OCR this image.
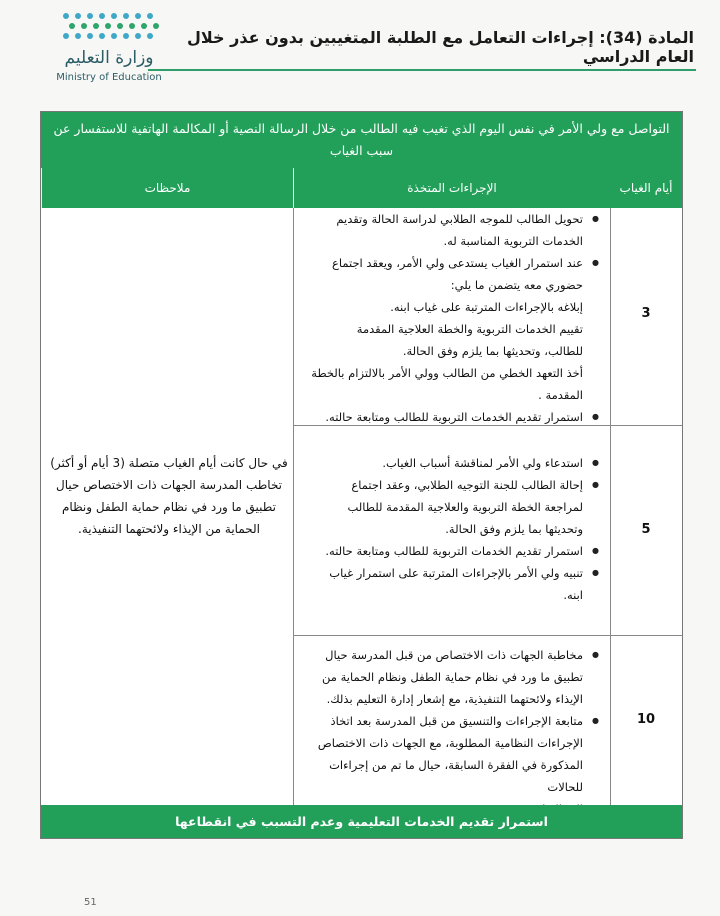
وزارة التعليم
Ministry of Education
المادة (34): إجراءات التعامل مع الطلبة المتغيبين بدون عذر خلال العام الدراسي
التواصل مع ولي الأمر في نفس اليوم الذي تغيب فيه الطالب من خلال الرسالة النصية أو المكالمة الهاتفية للاستفسار عن سبب الغياب
أيام الغياب
الإجراءات المتخذة
ملاحظات
3

● تحويل الطالب للموجه الطلابي لدراسة الحالة وتقديم

الخدمات التربوية المناسبة له.

● عند استمرار الغياب يستدعى ولي الأمر، ويعقد اجتماع

حضوري معه يتضمن ما يلي:

إبلاغه بالإجراءات المترتبة على غياب ابنه.

تقييم الخدمات التربوية والخطة العلاجية المقدمة

للطالب، وتحديثها بما يلزم وفق الحالة.

أخذ التعهد الخطي من الطالب وولي الأمر بالالتزام بالخطة

المقدمة .

● استمرار تقديم الخدمات التربوية للطالب ومتابعة حالته.

5

● استدعاء ولي الأمر لمناقشة أسباب الغياب.

● إحالة الطالب للجنة التوجيه الطلابي، وعقد اجتماع

لمراجعة الخطة التربوية والعلاجية المقدمة للطالب

وتحديثها بما يلزم وفق الحالة.

● استمرار تقديم الخدمات التربوية للطالب ومتابعة حالته.

● تنبيه ولي الأمر بالإجراءات المترتبة على استمرار غياب

ابنه.

10

● مخاطبة الجهات ذات الاختصاص من قبل المدرسة حيال

تطبيق ما ورد في نظام حماية الطفل ونظام الحماية من

الإيذاء ولائحتهما التنفيذية، مع إشعار إدارة التعليم بذلك.

● متابعة الإجراءات والتنسيق من قبل المدرسة بعد اتخاذ

الإجراءات النظامية المطلوبة، مع الجهات ذات الاختصاص

المذكورة في الفقرة السابقة، حيال ما تم من إجراءات للحالات

في حال كانت أيام الغياب متصلة (3 أيام أو أكثر) تخاطب المدرسة الجهات ذات الاختصاص حيال تطبيق ما ورد في نظام حماية الطفل ونظام الحماية من الإيذاء ولائحتهما التنفيذية.
استمرار تقديم الخدمات التعليمية وعدم التسبب في انقطاعها
51
